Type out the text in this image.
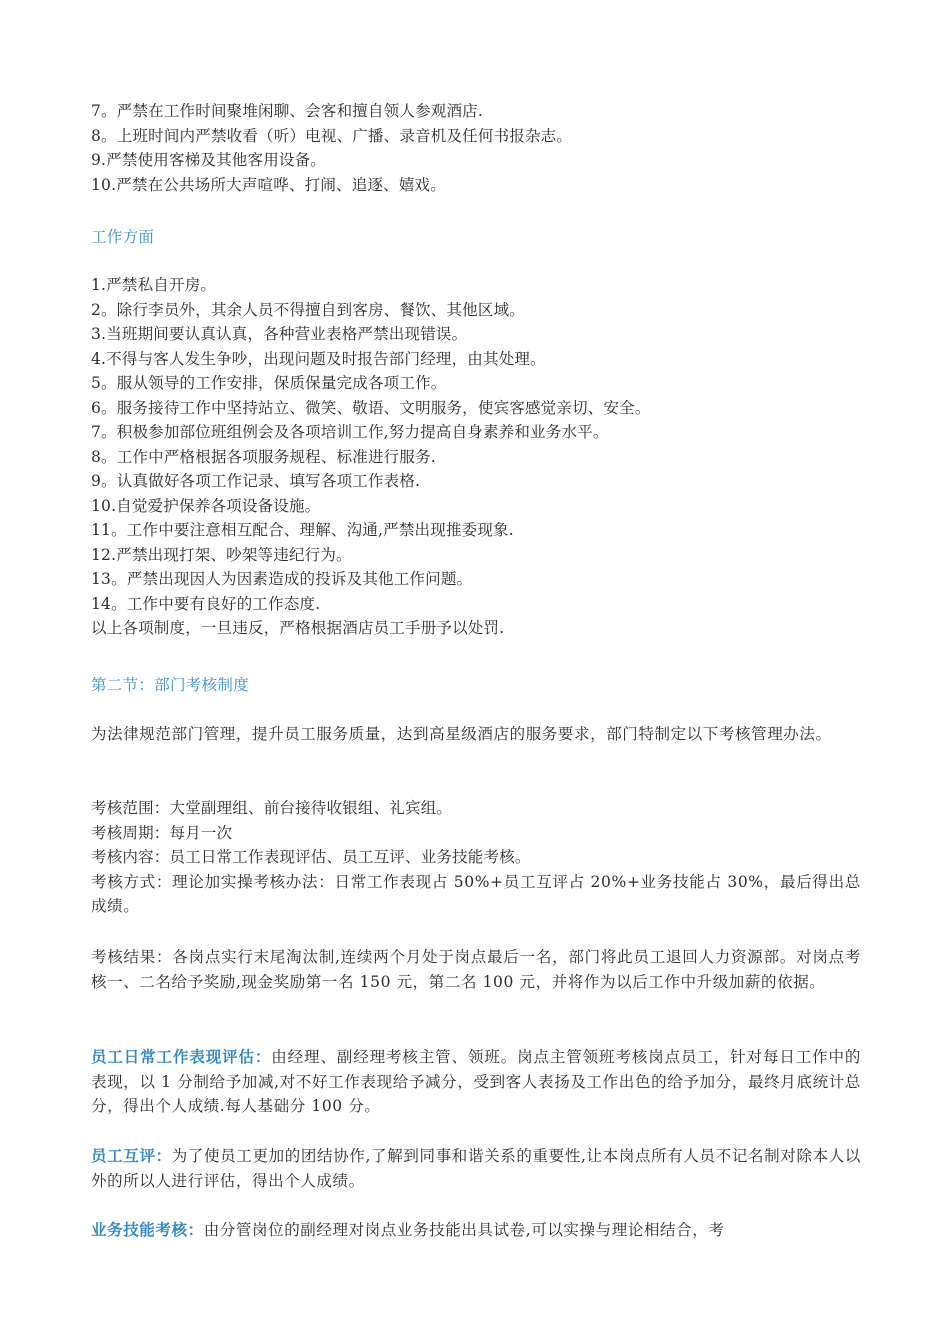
7。严禁在工作时间聚堆闲聊、会客和擅自领人参观酒店.
8。上班时间内严禁收看（听）电视、广播、录音机及任何书报杂志。
9.严禁使用客梯及其他客用设备。
10.严禁在公共场所大声喧哗、打闹、追逐、嬉戏。
工作方面
1.严禁私自开房。
2。除行李员外，其余人员不得擅自到客房、餐饮、其他区域。
3.当班期间要认真认真，各种营业表格严禁出现错误。
4.不得与客人发生争吵，出现问题及时报告部门经理，由其处理。
5。服从领导的工作安排，保质保量完成各项工作。
6。服务接待工作中坚持站立、微笑、敬语、文明服务，使宾客感觉亲切、安全。
7。积极参加部位班组例会及各项培训工作,努力提高自身素养和业务水平。
8。工作中严格根据各项服务规程、标准进行服务.
9。认真做好各项工作记录、填写各项工作表格.
10.自觉爱护保养各项设备设施。
11。工作中要注意相互配合、理解、沟通,严禁出现推委现象.
12.严禁出现打架、吵架等违纪行为。
13。严禁出现因人为因素造成的投诉及其他工作问题。
14。工作中要有良好的工作态度.
以上各项制度，一旦违反，严格根据酒店员工手册予以处罚.
第二节：部门考核制度
为法律规范部门管理，提升员工服务质量，达到高星级酒店的服务要求，部门特制定以下考核管理办法。
考核范围：大堂副理组、前台接待收银组、礼宾组。
考核周期：每月一次
考核内容：员工日常工作表现评估、员工互评、业务技能考核。
考核方式：理论加实操考核办法：日常工作表现占 50%+员工互评占 20%+业务技能占 30%，最后得出总成绩。
考核结果：各岗点实行末尾淘汰制,连续两个月处于岗点最后一名，部门将此员工退回人力资源部。对岗点考核一、二名给予奖励,现金奖励第一名 150 元，第二名 100 元，并将作为以后工作中升级加薪的依据。
员工日常工作表现评估：由经理、副经理考核主管、领班。岗点主管领班考核岗点员工，针对每日工作中的表现，以 1 分制给予加减,对不好工作表现给予减分，受到客人表扬及工作出色的给予加分，最终月底统计总分，得出个人成绩.每人基础分 100 分。
员工互评：为了使员工更加的团结协作,了解到同事和谐关系的重要性,让本岗点所有人员不记名制对除本人以外的所以人进行评估，得出个人成绩。
业务技能考核：由分管岗位的副经理对岗点业务技能出具试卷,可以实操与理论相结合，考
